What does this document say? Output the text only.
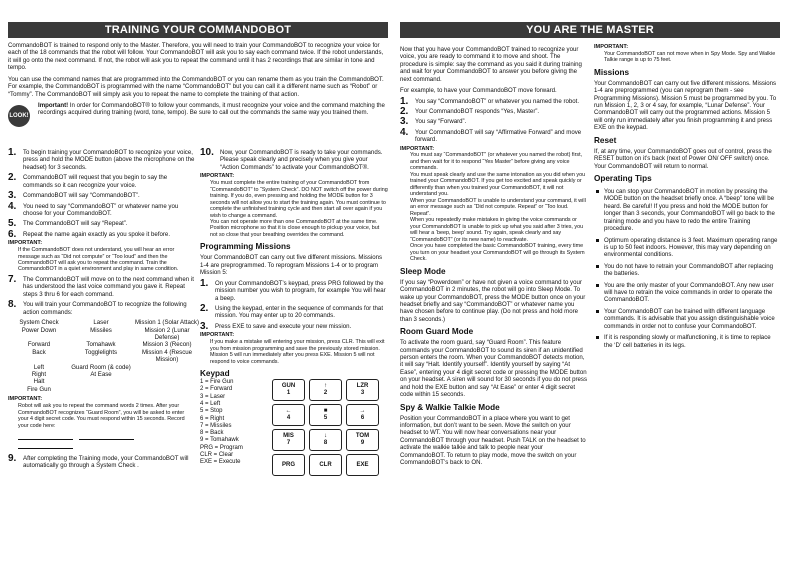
TRAINING YOUR COMMANDOBOT

CommandoBOT is trained to respond only to the Master. Therefore, you will need to train your CommandoBOT to recognize your voice for each of the 18 commands that the robot will follow. Your CommandoBOT will ask you to say each command twice. If the robot understands, it will go onto the next command. If not, the robot will ask you to repeat the command until it has 2 recordings that are similar in tone and tempo.

You can use the command names that are programmed into the CommandoBOT or you can rename them as you train the CommandoBOT. For example, the CommandoBOT is programmed with the name “CommandoBOT” but you can call it a different name such as “Robot” or “Tommy”. The CommandoBOT will simply ask you to repeat the name to complete the training of that action.

LOOK!
Important! In order for CommandoBOT® to follow your commands, it must recognize your voice and the command matching the recordings acquired during training (word, tone, tempo). Be sure to call out the commands the same way you trained them.
1. To begin training your CommandoBOT to recognize your voice, press and hold the MODE button (above the microphone on the headset) for 3 seconds.
2. CommandoBOT will request that you begin to say the commands so it can recognize your voice.
3. CommandoBOT will say “CommandoBOT”.
4. You need to say “CommandoBOT” or whatever name you choose for your CommandoBOT.
5. The CommandoBOT will say “Repeat”.
6. Repeat the name again exactly as you spoke it before.
IMPORTANT:

If the CommandoBOT does not understand, you will hear an error message such as “Did not compute” or “Too loud” and then the CommandoBOT will ask you to repeat the command. Train the CommandoBOT in a quiet environment and play in same condition.

7. The CommandoBOT will move on to the next command when it has understood the last voice command you gave it. Repeat steps 3 thru 6 for each command.
8. You will train your CommandoBOT to recognize the following action commands:
System Check	Laser	Mission 1 (Solar Attack)
Power Down	Missiles	Mission 2 (Lunar Defense)
Forward	Tomahawk	Mission 3 (Recon)
Back	Togglelights	Mission 4 (Rescue Mission)
Left	Guard Room (& code)
Right	At Ease
Halt
Fire Gun
IMPORTANT:

Robot will ask you to repeat the command words 2 times. After your CommandoBOT recognizes “Guard Room”, you will be asked to enter your 4 digit secret code. You must respond within 15 seconds. Record your code here:

9. After completing the Training mode, your CommandoBOT will automatically go through a System Check .
10. Now, your CommandoBOT is ready to take your commands. Please speak clearly and precisely when you give your “Action Commands” to activate your CommandoBOT®.
IMPORTANT:

You must complete the entire training of your CommandoBOT from “CommandoBOT” to “System Check”. DO NOT switch off the power during training. If you do, even pressing and holding the MODE button for 3 seconds will not allow you to start the training again. You must continue to complete the unfinished training cycle and then start all over again if you wish to change a command.
You can not operate more than one CommandoBOT at the same time.
Position microphone so that it is close enough to pickup your voice, but not so close that your breathing overrides the command.

Programming Missions

Your CommandoBOT can carry out five different missions. Missions 1-4 are preprogrammed. To reprogram Missions 1-4 or to program Mission 5:

1. On your CommandoBOT’s keypad, press PRG followed by the mission number you wish to program, for example You will hear a beep.
2. Using the keypad, enter in the sequence of commands for that mission. You may enter up to 20 commands.
3. Press EXE to save and execute your new mission.
IMPORTANT:

If you make a mistake will entering your mission, press CLR. This will exit you from mission programming and save the previously stored mission.
Mission 5 will run immediately after you press EXE. Mission 5 will not respond to voice commands.

Keypad
1 = Fire Gun
2 = Forward
3 = Laser
4 = Left
5 = Stop
6 = Right
7 = Missiles
8 = Back
9 = Tomahawk
PRG = Program
CLR = Clear
EXE = Execute
GUN
1
↑
2
LZR
3
←
4
■
5
→
6
MIS
7
↓
8
TOM
9
PRG	CLR	EXE
YOU ARE THE MASTER

Now that you have your CommandoBOT trained to recognize your voice, you are ready to command it to move and shoot. The procedure is simple: say the command as you said it during training and wait for your CommandoBOT to answer you before giving the next command.

For example, to have your CommandoBOT move forward.

1. You say “CommandoBOT” or whatever you named the robot.
2. Your CommandoBOT responds “Yes, Master”.
3. You say “Forward”.
4. Your CommandoBOT will say “Affirmative Forward” and move forward.
IMPORTANT:

You must say “CommandoBOT” (or whatever you named the robot) first, and then wait for it to respond “Yes Master” before giving any voice commands.
You must speak clearly and use the same intonation as you did when you trained your CommandoBOT. If you get too excited and speak quickly or differently than when you trained your CommandoBOT, it will not understand you.
When your CommandoBOT is unable to understand your command, it will an error message such as “Did not compute. Repeat” or “Too loud. Repeat”.
When you repeatedly make mistakes in giving the voice commands or your CommandoBOT is unable to pick up what you said after 3 tries, you will hear a ‘beep, beep’ sound. Try again, speak clearly and say “CommandoBOT” (or its new name) to reactivate.
Once you have completed the basic CommandoBOT training, every time you turn on your headset your CommandoBOT will go through its System Check.

Sleep Mode

If you say “Powerdown” or have not given a voice command to your CommandoBOT in 2 minutes, the robot will go into Sleep Mode. To wake up your CommandoBOT, press the MODE button once on your headset briefly and say “CommandoBOT” or whatever name you have chosen before to continue play. (Do not press and hold more than 3 seconds.)

Room Guard Mode

To activate the room guard, say “Guard Room”. This feature commands your CommandoBOT to sound its siren if an unidentified person enters the room. When your CommandoBOT detects motion, it will say “Halt. Identify yourself”. Identify yourself by saying “At Ease”, entering your 4 digit secret code or pressing the MODE button on your headset. A siren will sound for 30 seconds if you do not press and hold the EXE button and say “At Ease” or enter 4 digit secret code within 15 seconds.

Spy & Walkie Talkie Mode

Position your CommandoBOT in a place where you want to get information, but don’t want to be seen. Move the switch on your headset to WT. You will now hear conversations near your CommandoBOT through your headset. Push TALK on the headset to activate the walkie talkie and talk to people near your CommandoBOT. To return to play mode, move the switch on your CommandoBOT’s back to ON.

IMPORTANT:

Your CommandoBOT can not move when in Spy Mode. Spy and Walkie Talkie range is up to 75 feet.

Missions

Your CommandoBOT can carry out five different missions. Missions 1-4 are preprogrammed (you can reprogram them - see Programming Missions). Mission 5 must be programmed by you. To run Mission 1, 2, 3 or 4 say, for example, “Lunar Defense”. Your CommandoBOT will carry out the programmed actions. Mission 5 will only run immediately after you finish programming it and press EXE on the keypad.

Reset

If, at any time, your CommandoBOT goes out of control, press the RESET button on it’s back (next of Power ON/ OFF switch) once. Your CommandoBOT will return to normal.

Operating Tips
You can stop your CommandoBOT in motion by pressing the MODE button on the headset briefly once. A “beep” tone will be heard. Be careful! If you press and hold the MODE button for longer than 3 seconds, your CommandoBOT will go back to the training mode and you have to redo the entire Training procedure.
Optimum operating distance is 3 feet. Maximum operating range is up to 50 feet indoors. However, this may vary depending on environmental conditions.
You do not have to retrain your CommandoBOT after replacing the batteries.
You are the only master of your CommandoBOT. Any new user will have to retrain the voice commands in order to operate the CommandoBOT.
Your CommandoBOT can be trained with different language commands. It is advisable that you assign distinguishable voice commands in order not to confuse your CommandoBOT.
If it is responding slowly or malfunctioning, it is time to replace the ‘D’ cell batteries in its legs.
